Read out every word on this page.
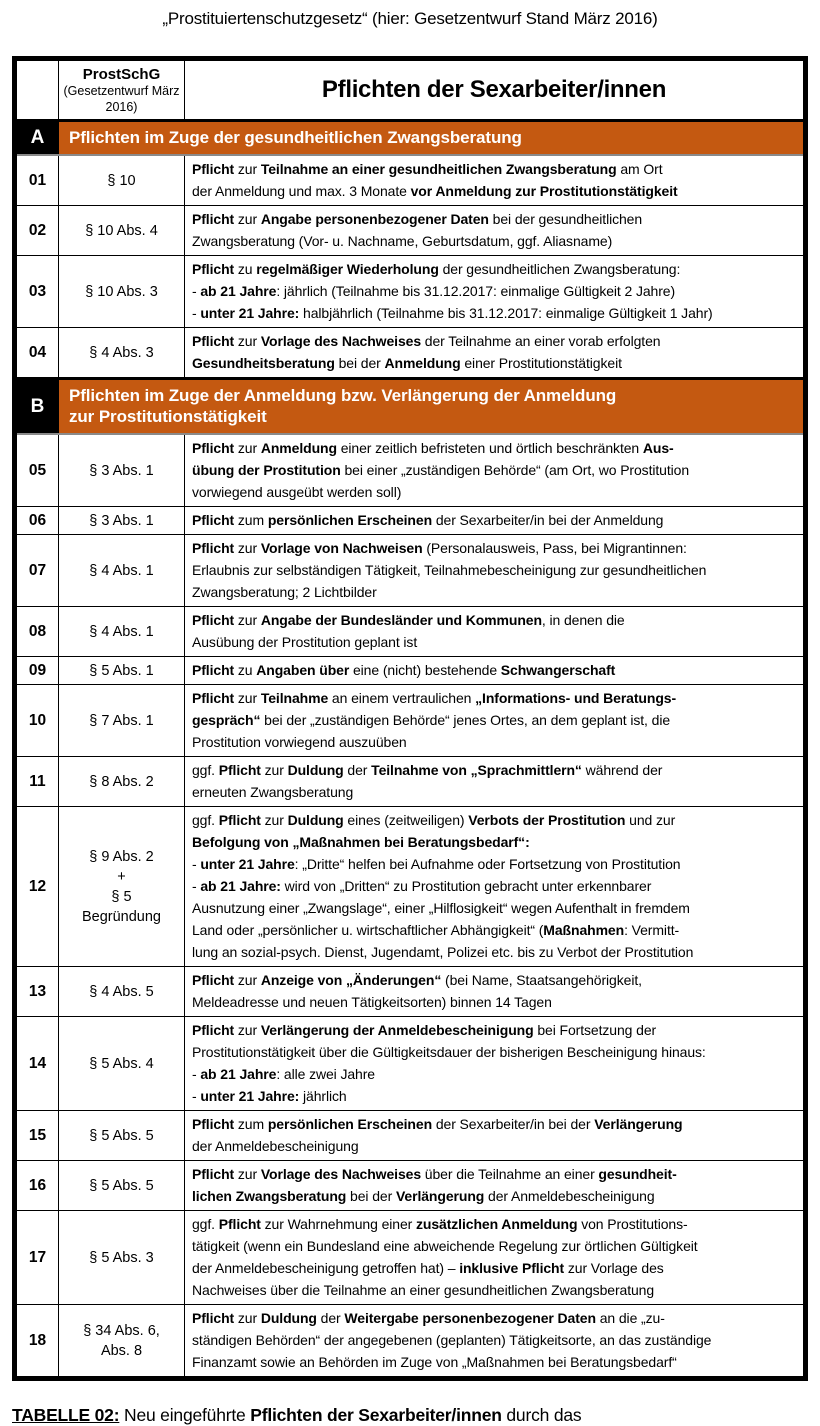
„Prostituiertenschutzgesetz“ (hier: Gesetzentwurf Stand März 2016)

	ProstSchG
(Gesetzentwurf März 2016)	Pflichten der Sexarbeiter/innen
A	Pflichten im Zuge der gesundheitlichen Zwangsberatung	
01	§ 10	Pflicht zur Teilnahme an einer gesundheitlichen Zwangsberatung am Ort
der Anmeldung und max. 3 Monate vor Anmeldung zur Prostitutionstätigkeit
02	§ 10 Abs. 4	Pflicht zur Angabe personenbezogener Daten bei der gesundheitlichen
Zwangsberatung (Vor- u. Nachname, Geburtsdatum, ggf. Aliasname)
03	§ 10 Abs. 3	Pflicht zu regelmäßiger Wiederholung der gesundheitlichen Zwangsberatung:
- ab 21 Jahre: jährlich (Teilnahme bis 31.12.2017: einmalige Gültigkeit 2 Jahre)
- unter 21 Jahre: halbjährlich (Teilnahme bis 31.12.2017: einmalige Gültigkeit 1 Jahr)
04	§ 4 Abs. 3	Pflicht zur Vorlage des Nachweises der Teilnahme an einer vorab erfolgten
Gesundheitsberatung bei der Anmeldung einer Prostitutionstätigkeit
B	Pflichten im Zuge der Anmeldung bzw. Verlängerung der Anmeldung
zur Prostitutionstätigkeit	
05	§ 3 Abs. 1	Pflicht zur Anmeldung einer zeitlich befristeten und örtlich beschränkten Aus-
übung der Prostitution bei einer „zuständigen Behörde“ (am Ort, wo Prostitution
vorwiegend ausgeübt werden soll)
06	§ 3 Abs. 1	Pflicht zum persönlichen Erscheinen der Sexarbeiter/in bei der Anmeldung
07	§ 4 Abs. 1	Pflicht zur Vorlage von Nachweisen (Personalausweis, Pass, bei Migrantinnen:
Erlaubnis zur selbständigen Tätigkeit, Teilnahmebescheinigung zur gesundheitlichen
Zwangsberatung; 2 Lichtbilder
08	§ 4 Abs. 1	Pflicht zur Angabe der Bundesländer und Kommunen, in denen die
Ausübung der Prostitution geplant ist
09	§ 5 Abs. 1	Pflicht zu Angaben über eine (nicht) bestehende Schwangerschaft
10	§ 7 Abs. 1	Pflicht zur Teilnahme an einem vertraulichen „Informations- und Beratungs-
gespräch“ bei der „zuständigen Behörde“ jenes Ortes, an dem geplant ist, die
Prostitution vorwiegend auszuüben
11	§ 8 Abs. 2	ggf. Pflicht zur Duldung der Teilnahme von „Sprachmittlern“ während der
erneuten Zwangsberatung
12	§ 9 Abs. 2
+
§ 5
Begründung	ggf. Pflicht zur Duldung eines (zeitweiligen) Verbots der Prostitution und zur
Befolgung von „Maßnahmen bei Beratungsbedarf“:
- unter 21 Jahre: „Dritte“ helfen bei Aufnahme oder Fortsetzung von Prostitution
- ab 21 Jahre: wird von „Dritten“ zu Prostitution gebracht unter erkennbarer
Ausnutzung einer „Zwangslage“, einer „Hilflosigkeit“ wegen Aufenthalt in fremdem
Land oder „persönlicher u. wirtschaftlicher Abhängigkeit“ (Maßnahmen: Vermitt-
lung an sozial-psych. Dienst, Jugendamt, Polizei etc. bis zu Verbot der Prostitution
13	§ 4 Abs. 5	Pflicht zur Anzeige von „Änderungen“ (bei Name, Staatsangehörigkeit,
Meldeadresse und neuen Tätigkeitsorten) binnen 14 Tagen
14	§ 5 Abs. 4	Pflicht zur Verlängerung der Anmeldebescheinigung bei Fortsetzung der
Prostitutionstätigkeit über die Gültigkeitsdauer der bisherigen Bescheinigung hinaus:
- ab 21 Jahre: alle zwei Jahre
- unter 21 Jahre: jährlich
15	§ 5 Abs. 5	Pflicht zum persönlichen Erscheinen der Sexarbeiter/in bei der Verlängerung
der Anmeldebescheinigung
16	§ 5 Abs. 5	Pflicht zur Vorlage des Nachweises über die Teilnahme an einer gesundheit-
lichen Zwangsberatung bei der Verlängerung der Anmeldebescheinigung
17	§ 5 Abs. 3	ggf. Pflicht zur Wahrnehmung einer zusätzlichen Anmeldung von Prostitutions-
tätigkeit (wenn ein Bundesland eine abweichende Regelung zur örtlichen Gültigkeit
der Anmeldebescheinigung getroffen hat) – inklusive Pflicht zur Vorlage des
Nachweises über die Teilnahme an einer gesundheitlichen Zwangsberatung
18	§ 34 Abs. 6,
Abs. 8	Pflicht zur Duldung der Weitergabe personenbezogener Daten an die „zu-
ständigen Behörden“ der angegebenen (geplanten) Tätigkeitsorte, an das zuständige
Finanzamt sowie an Behörden im Zuge von „Maßnahmen bei Beratungsbedarf“
TABELLE 02: Neu eingeführte Pflichten der Sexarbeiter/innen durch das
